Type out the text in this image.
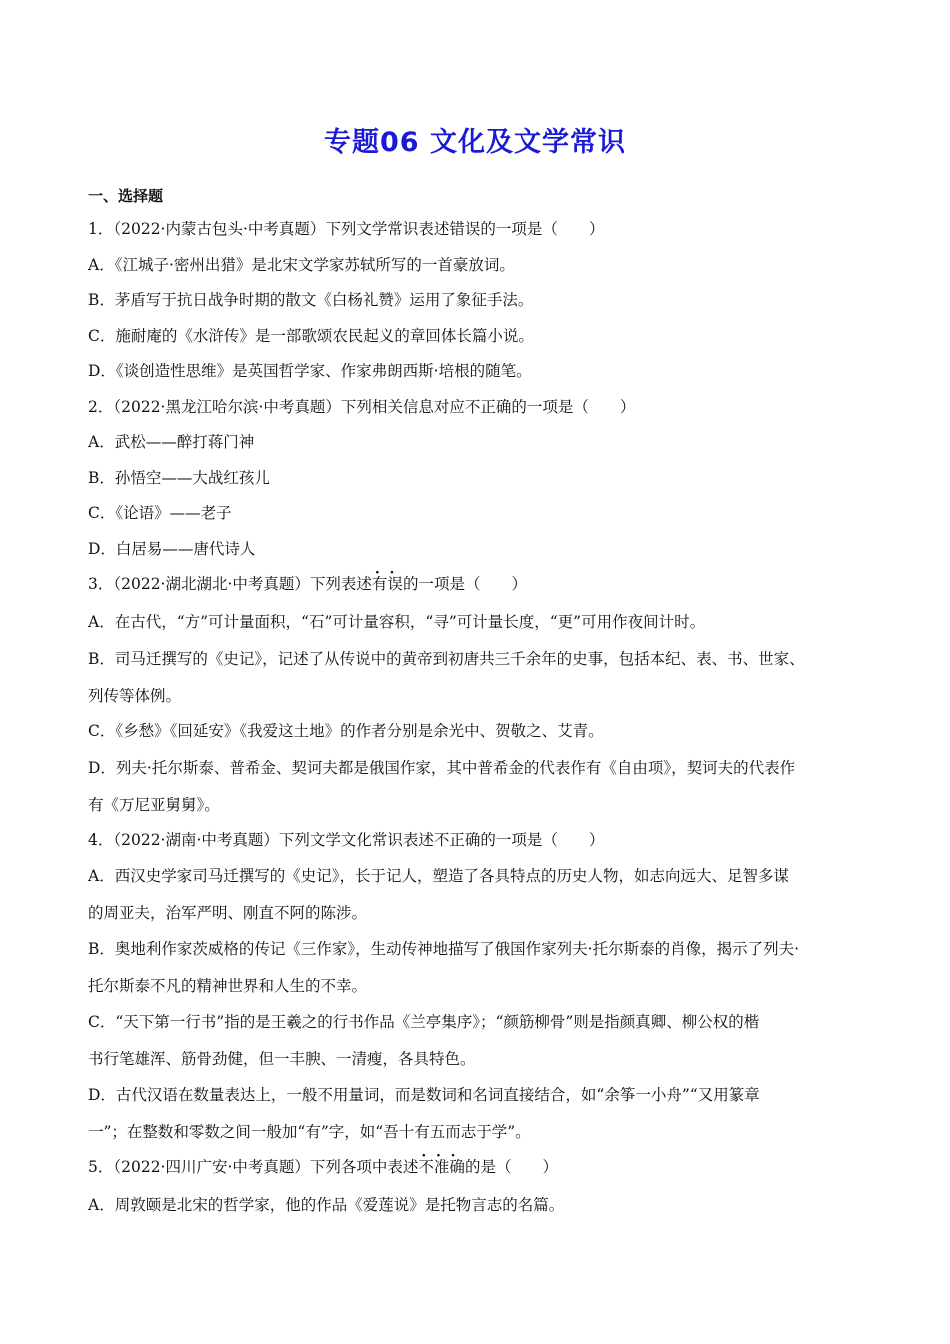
专题06 文化及文学常识
一、选择题
1．（2022·内蒙古包头·中考真题）下列文学常识表述错误的一项是（　　）
A．《江城子·密州出猎》是北宋文学家苏轼所写的一首豪放词。
B．茅盾写于抗日战争时期的散文《白杨礼赞》运用了象征手法。
C．施耐庵的《水浒传》是一部歌颂农民起义的章回体长篇小说。
D．《谈创造性思维》是英国哲学家、作家弗朗西斯·培根的随笔。
2．（2022·黑龙江哈尔滨·中考真题）下列相关信息对应不正确的一项是（　　）
A．武松——醉打蒋门神
B．孙悟空——大战红孩儿
C．《论语》——老子
D．白居易——唐代诗人
3．（2022·湖北湖北·中考真题）下列表述·  · 有误的一项是（　　）
A．在古代，“方”可计量面积，“石”可计量容积，“寻”可计量长度，“更”可用作夜间计时。
B．司马迁撰写的《史记》，记述了从传说中的黄帝到初唐共三千余年的史事，包括本纪、表、书、世家、
列传等体例。
C．《乡愁》《回延安》《我爱这土地》的作者分别是余光中、贺敬之、艾青。
D．列夫·托尔斯泰、普希金、契诃夫都是俄国作家，其中普希金的代表作有《自由项》，契诃夫的代表作
有《万尼亚舅舅》。
4．（2022·湖南·中考真题）下列文学文化常识表述不正确的一项是（　　）
A．西汉史学家司马迁撰写的《史记》，长于记人，塑造了各具特点的历史人物，如志向远大、足智多谋
的周亚夫，治军严明、刚直不阿的陈涉。
B．奥地利作家茨威格的传记《三作家》，生动传神地描写了俄国作家列夫·托尔斯泰的肖像，揭示了列夫·
托尔斯泰不凡的精神世界和人生的不幸。
C．“天下第一行书”指的是王羲之的行书作品《兰亭集序》；“颜筋柳骨”则是指颜真卿、柳公权的楷
书行笔雄浑、筋骨劲健，但一丰腴、一清瘦，各具特色。
D．古代汉语在数量表达上，一般不用量词，而是数词和名词直接结合，如“余筝一小舟”“又用篆章
一”；在整数和零数之间一般加“有”字，如“吾十有五而志于学”。
5．（2022·四川广安·中考真题）下列各项中表述·  ·  · 不准确的是（　　）
A．周敦颐是北宋的哲学家，他的作品《爱莲说》是托物言志的名篇。
